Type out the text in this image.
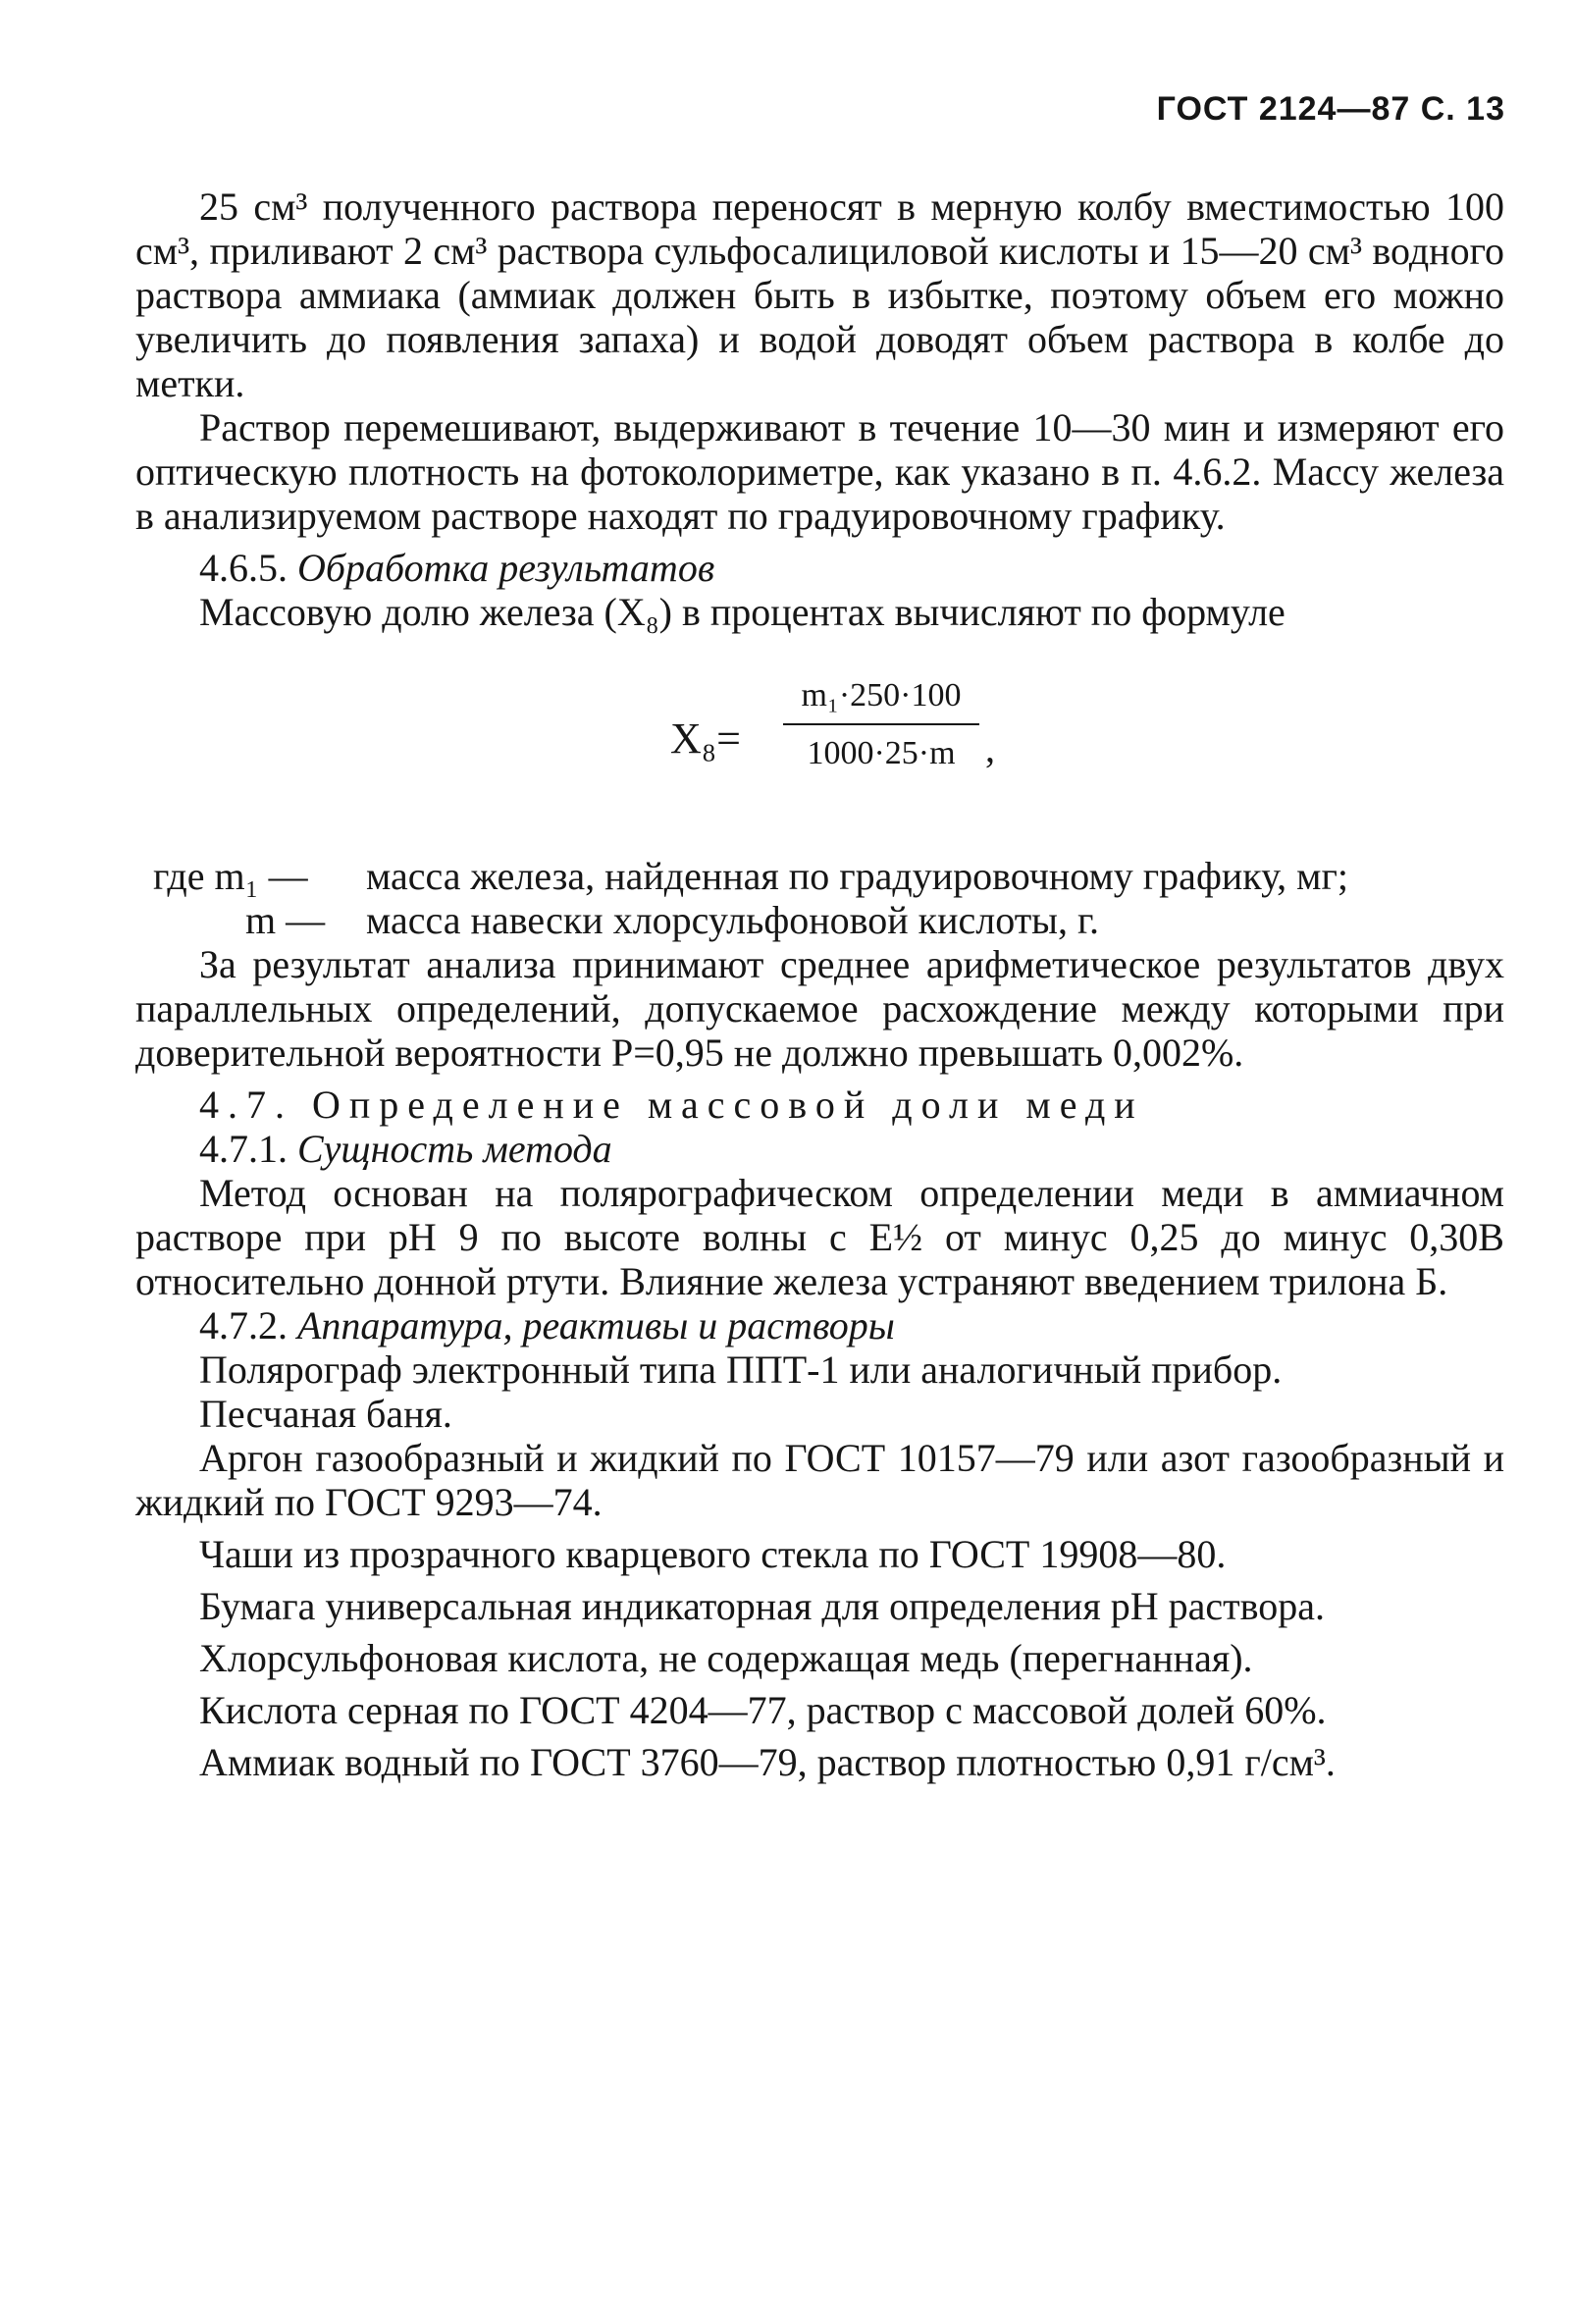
ГОСТ 2124—87 С. 13

25 см³ полученного раствора переносят в мерную колбу вместимостью 100 см³, приливают 2 см³ раствора сульфосалициловой кислоты и 15—20 см³ водного раствора аммиака (аммиак должен быть в избытке, поэтому объем его можно увеличить до появления запаха) и водой доводят объем раствора в колбе до метки.

Раствор перемешивают, выдерживают в течение 10—30 мин и измеряют его оптическую плотность на фотоколориметре, как указано в п. 4.6.2. Массу железа в анализируемом растворе находят по градуировочному графику.

4.6.5. Обработка результатов

Массовую долю железа (X₈) в процентах вычисляют по формуле

$X_8= \frac{\text{m₁·250·100}}{1000\cdot 25\cdot m}$ ,
где m₁ — масса железа, найденная по градуировочному графику, мг;
m — масса навески хлорсульфоновой кислоты, г.

За результат анализа принимают среднее арифметическое результатов двух параллельных определений, допускаемое расхождение между которыми при доверительной вероятности P=0,95 не должно превышать 0,002%.

4.7. Определение массовой доли меди

4.7.1. Сущность метода

Метод основан на полярографическом определении меди в аммиачном растворе при pH 9 по высоте волны с E½ от минус 0,25 до минус 0,30В относительно донной ртути. Влияние железа устраняют введением трилона Б.

4.7.2. Аппаратура, реактивы и растворы

Полярограф электронный типа ППТ-1 или аналогичный прибор.

Песчаная баня.

Аргон газообразный и жидкий по ГОСТ 10157—79 или азот газообразный и жидкий по ГОСТ 9293—74.

Чаши из прозрачного кварцевого стекла по ГОСТ 19908—80.

Бумага универсальная индикаторная для определения pH раствора.

Хлорсульфоновая кислота, не содержащая медь (перегнанная).

Кислота серная по ГОСТ 4204—77, раствор с массовой долей 60%.

Аммиак водный по ГОСТ 3760—79, раствор плотностью 0,91 г/см³.
